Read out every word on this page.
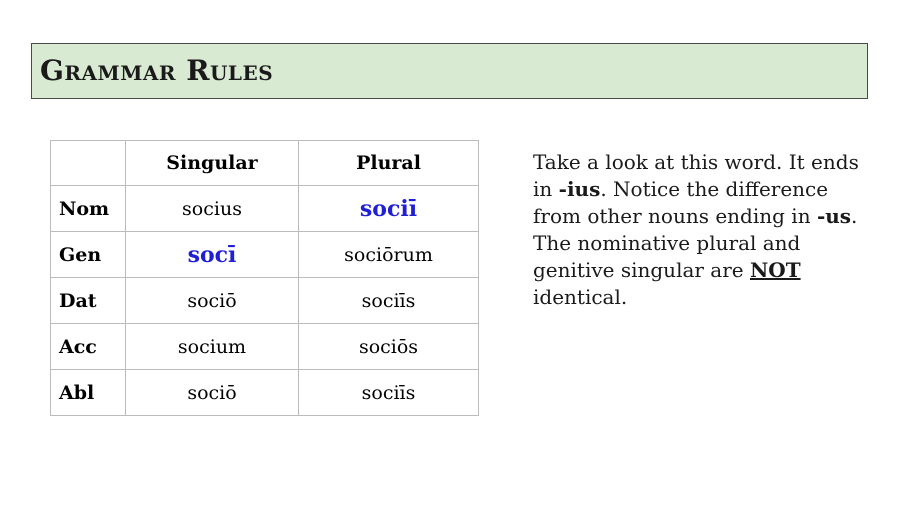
Grammar Rules
	Singular	Plural
Nom	socius	sociī
Gen	socī	sociōrum
Dat	sociō	sociīs
Acc	socium	sociōs
Abl	sociō	sociīs

Take a look at this word. It ends in -ius. Notice the difference from other nouns ending in -us. The nominative plural and genitive singular are NOT identical.
